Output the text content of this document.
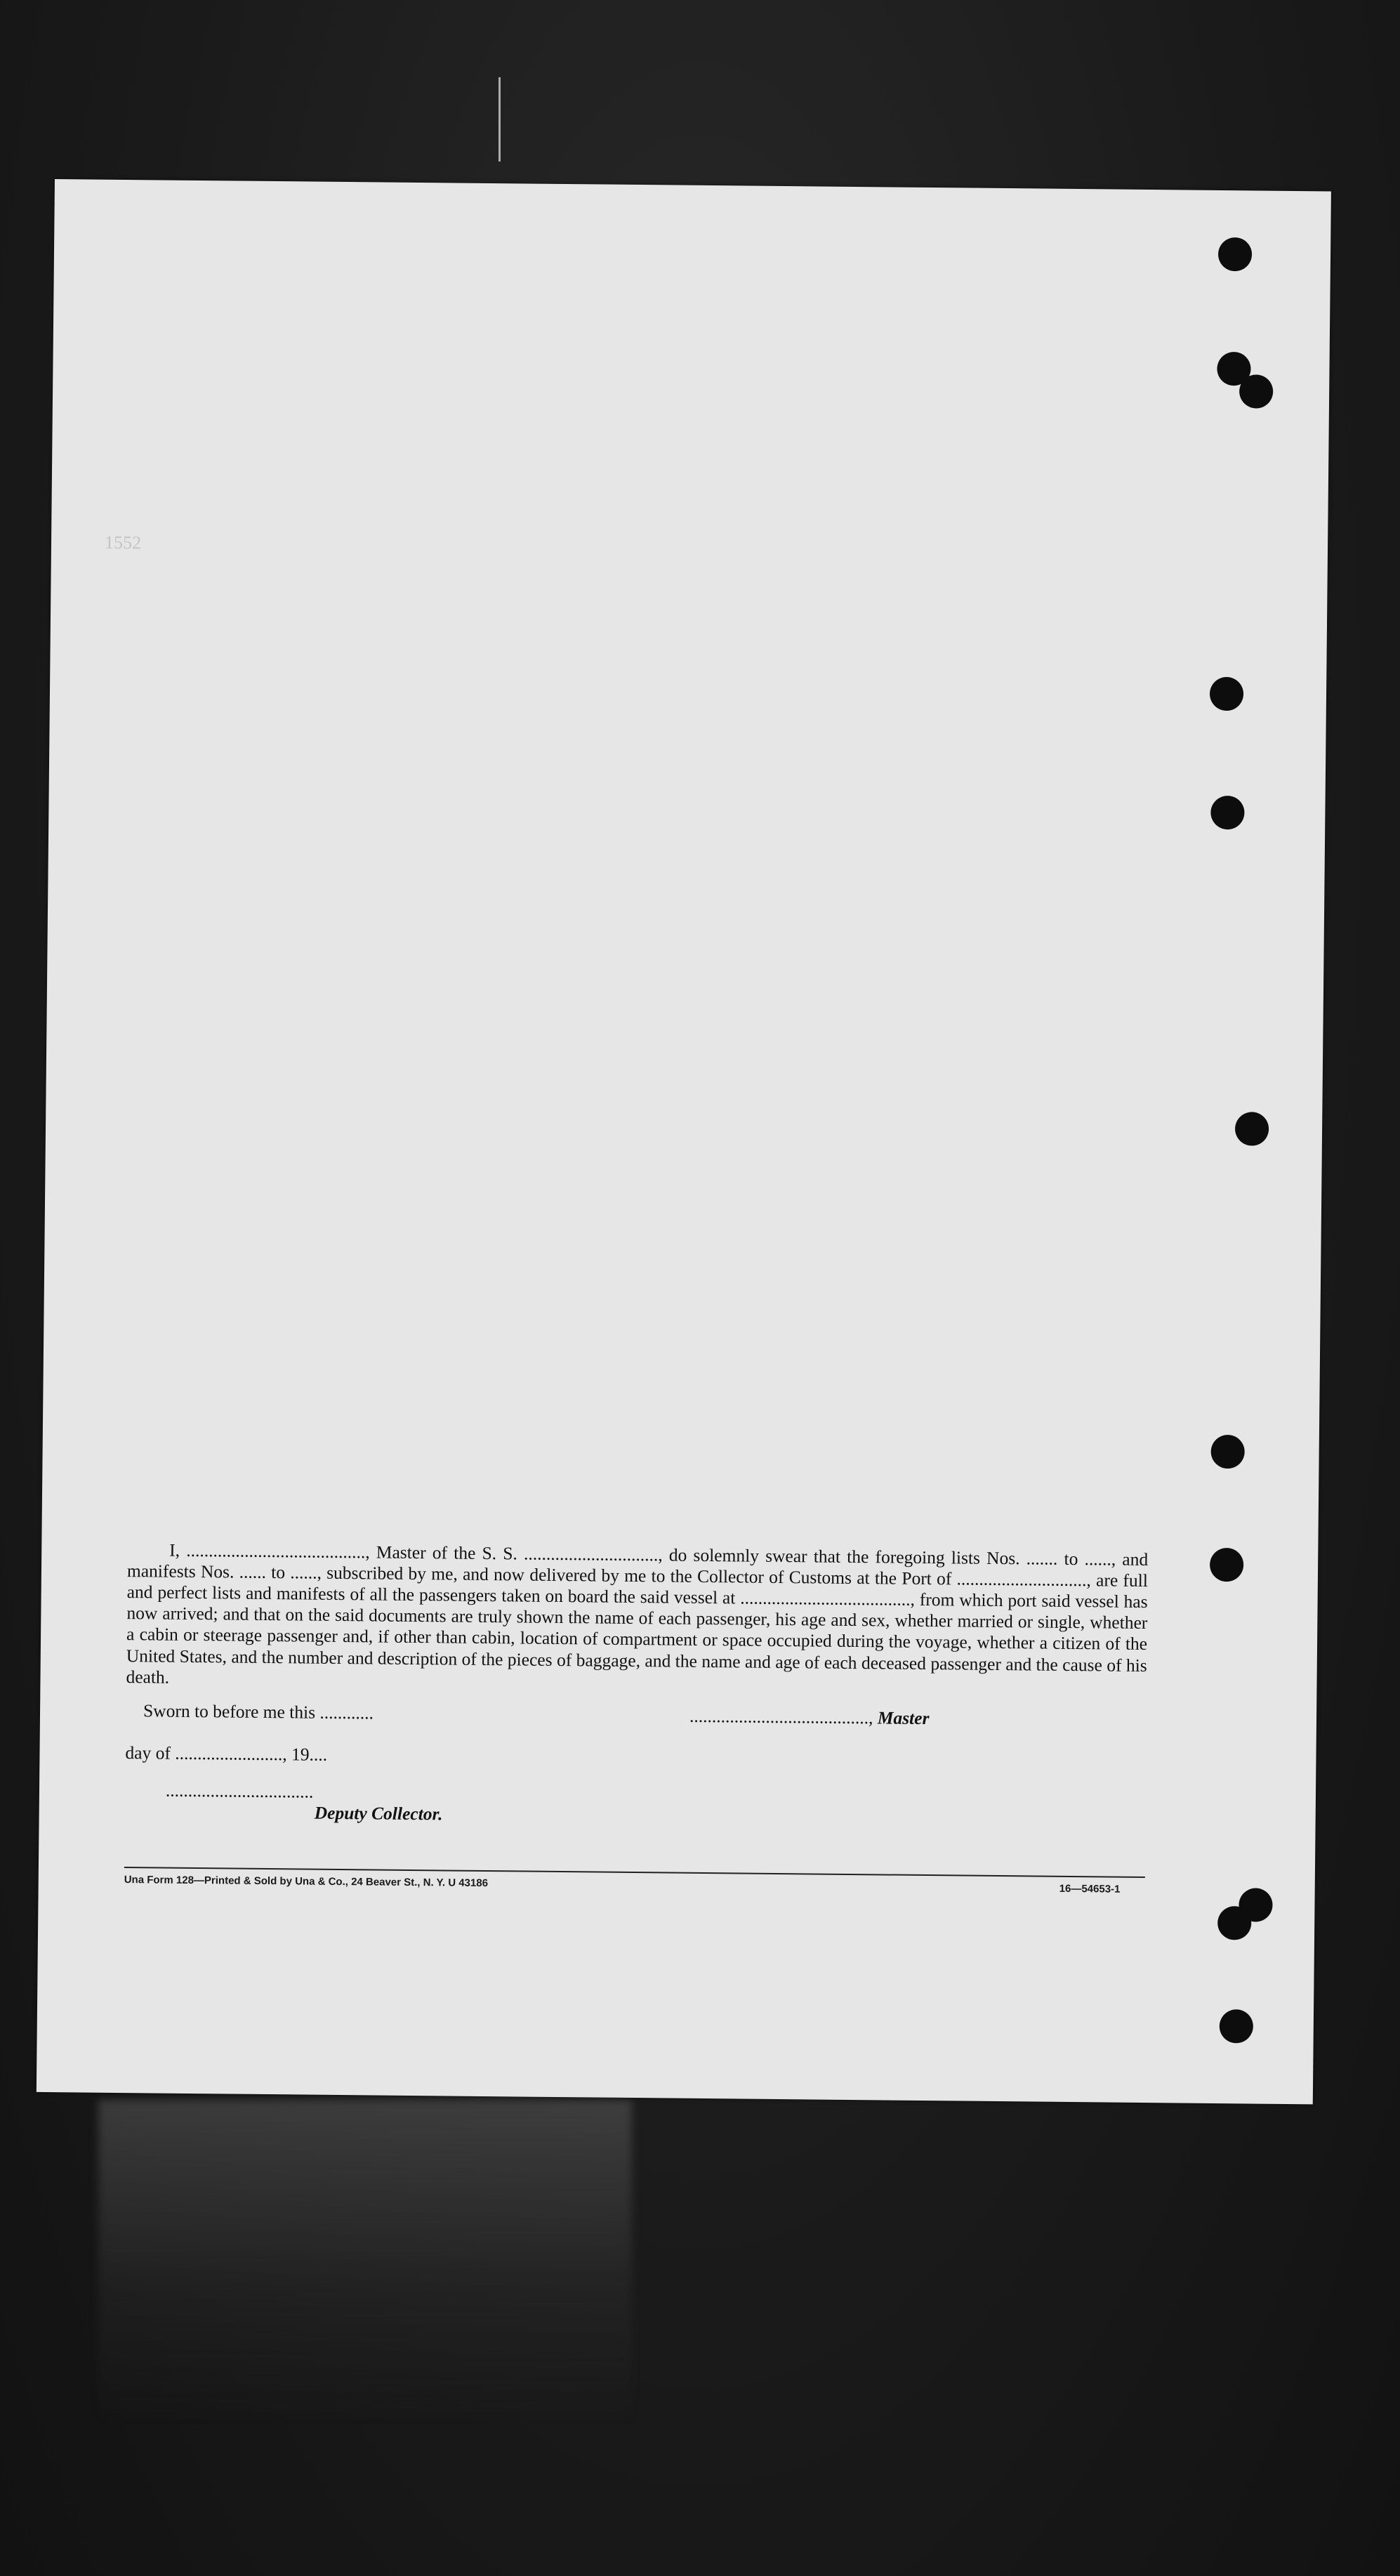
1552

I, ........................................, Master of the S. S. .............................., do solemnly swear that the foregoing lists Nos. ....... to ......, and manifests Nos. ...... to ......, subscribed by me, and now delivered by me to the Collector of Customs at the Port of ............................., are full and perfect lists and manifests of all the passengers taken on board the said vessel at ......................................, from which port said vessel has now arrived; and that on the said documents are truly shown the name of each passenger, his age and sex, whether married or single, whether a cabin or steerage passenger and, if other than cabin, location of compartment or space occupied during the voyage, whether a citizen of the United States, and the number and description of the pieces of baggage, and the name and age of each deceased passenger and the cause of his death.

Sworn to before me this ............	........................................, Master
day of ........................, 19....
.................................
Deputy Collector.
Una Form 128—Printed & Sold by Una & Co., 24 Beaver St., N. Y. U 43186	16—54653-1
